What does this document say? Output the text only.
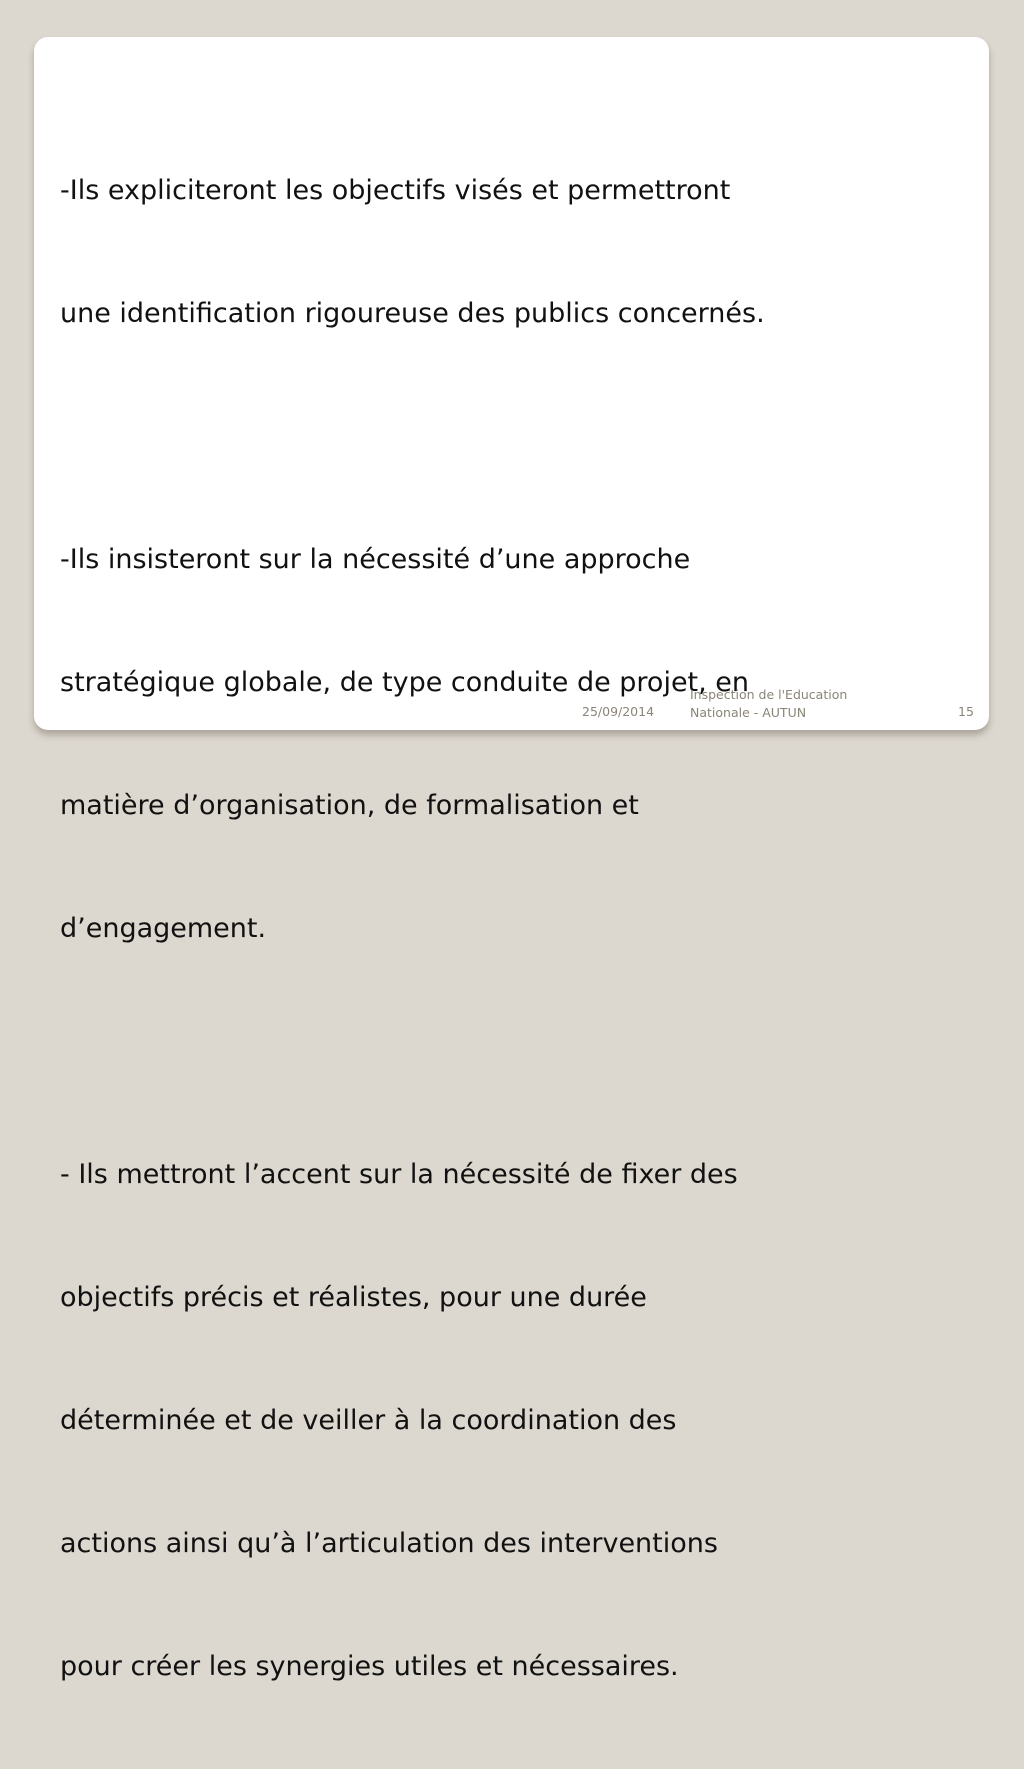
-Ils expliciteront les objectifs visés et permettront

une identification rigoureuse des publics concernés.

-Ils insisteront sur la nécessité d’une approche

stratégique globale, de type conduite de projet, en

matière d’organisation, de formalisation et

d’engagement.

- Ils mettront l’accent sur la nécessité de fixer des

objectifs précis et réalistes, pour une durée

déterminée et de veiller à la coordination des

actions ainsi qu’à l’articulation des interventions

pour créer les synergies utiles et nécessaires.

25/09/2014
Inspection de l'Education
Nationale - AUTUN	15
